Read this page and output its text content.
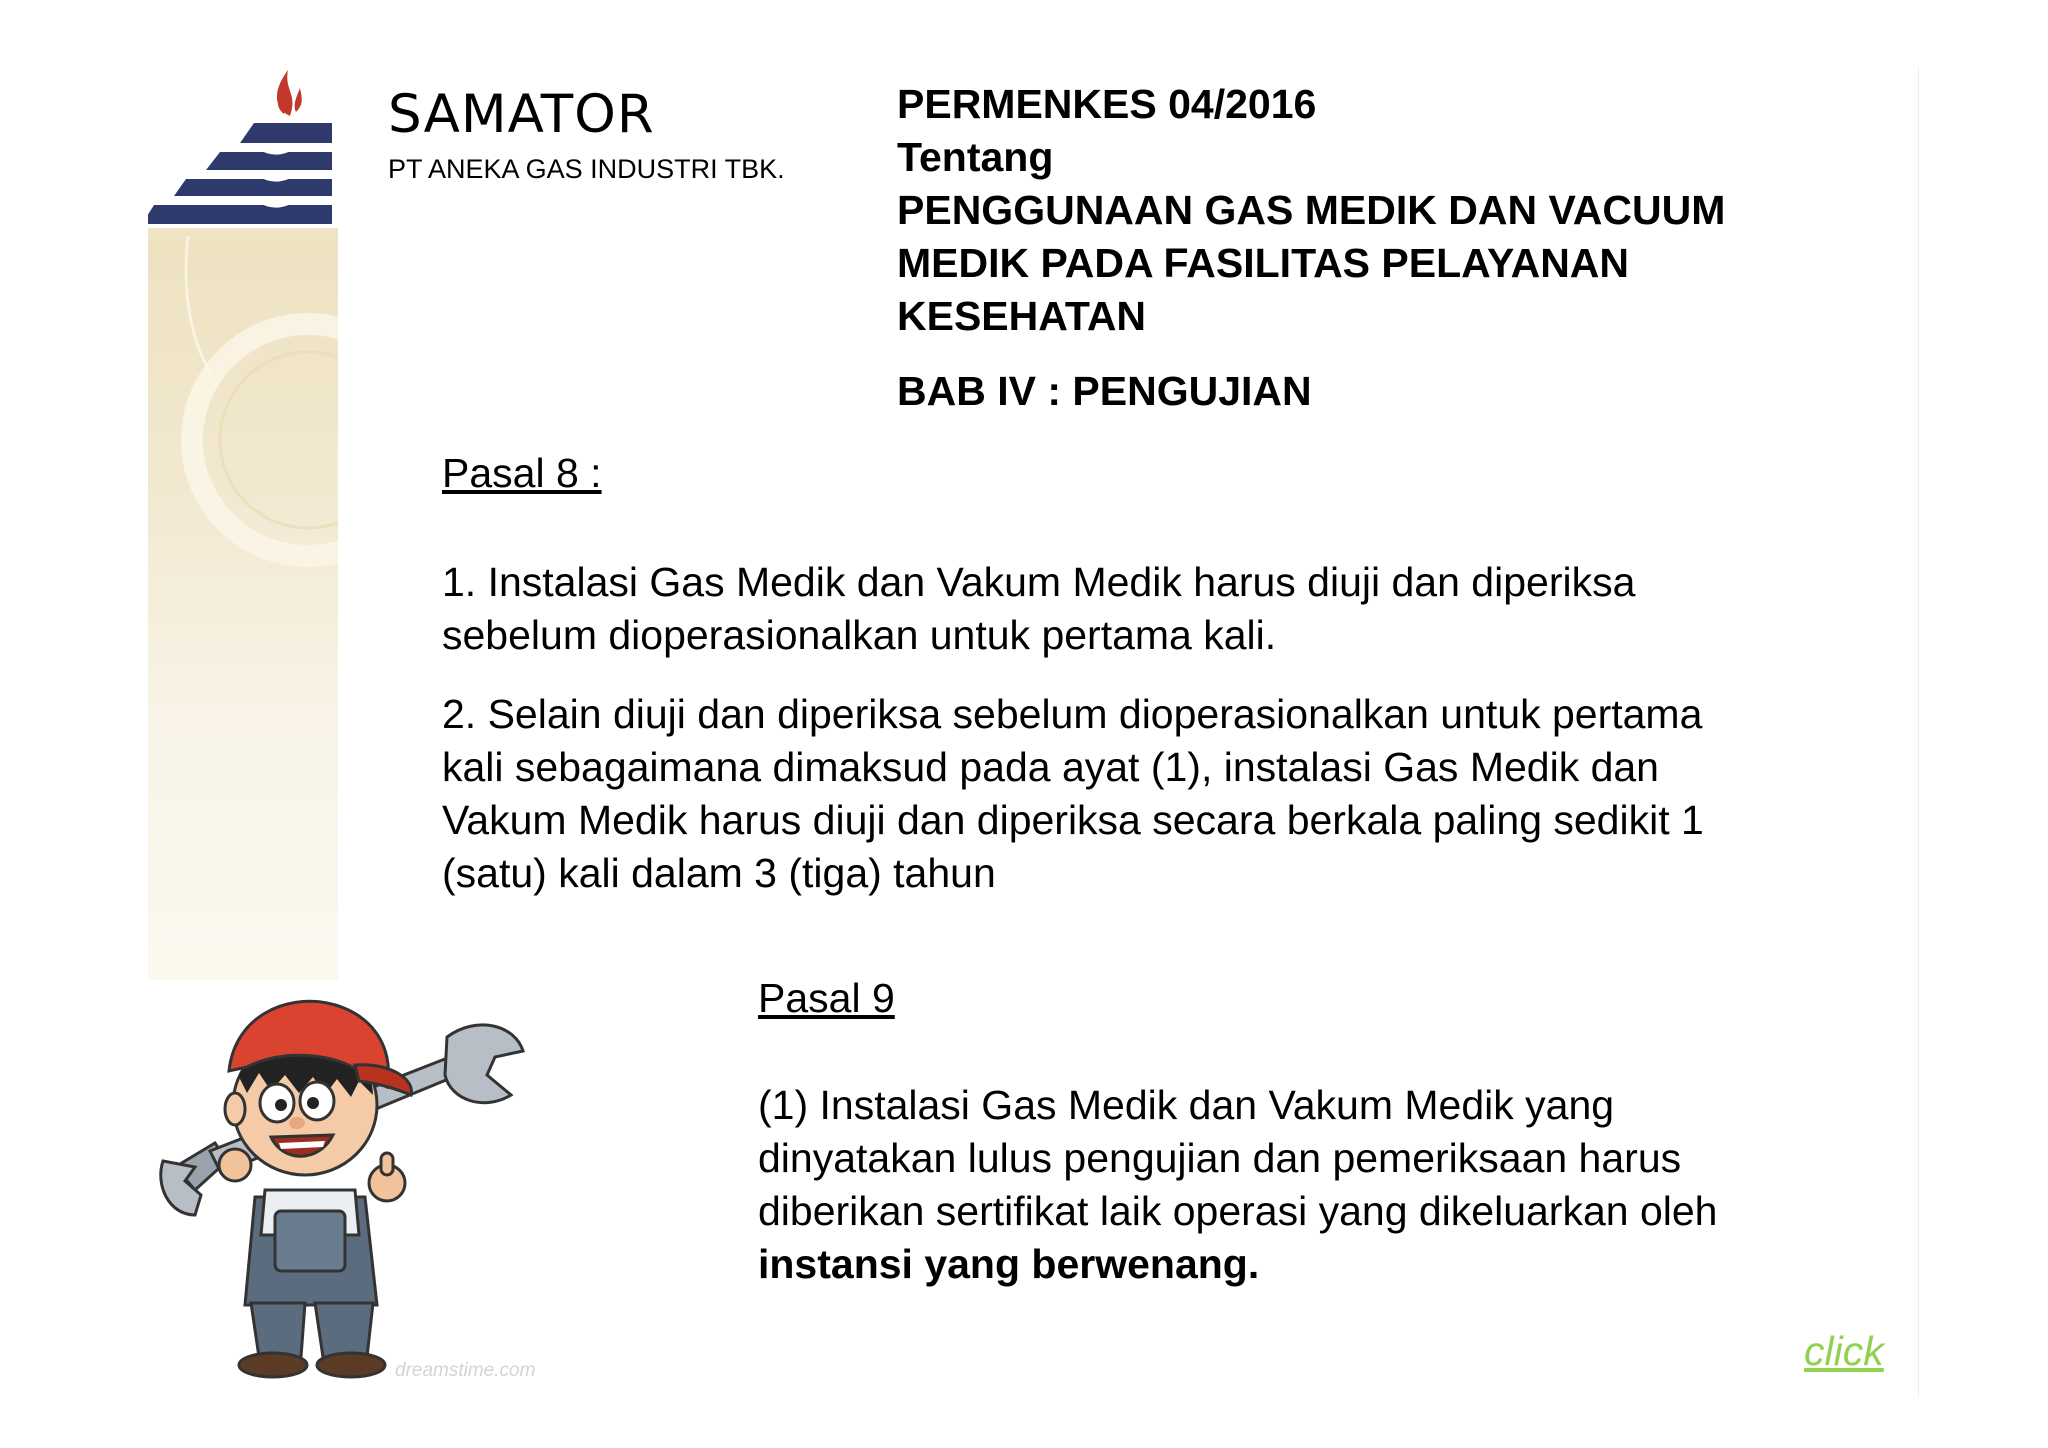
SAMATOR
PT ANEKA GAS INDUSTRI TBK.
PERMENKES 04/2016
Tentang
PENGGUNAAN GAS MEDIK DAN VACUUM
MEDIK PADA FASILITAS PELAYANAN
KESEHATAN
BAB IV : PENGUJIAN
Pasal 8 :
1. Instalasi Gas Medik dan Vakum Medik harus diuji dan diperiksa
sebelum dioperasionalkan untuk pertama kali.
2. Selain diuji dan diperiksa sebelum dioperasionalkan untuk pertama
kali sebagaimana dimaksud pada ayat (1), instalasi Gas Medik dan
Vakum Medik harus diuji dan diperiksa secara berkala paling sedikit 1
(satu) kali dalam 3 (tiga) tahun
Pasal 9
(1) Instalasi Gas Medik dan Vakum Medik yang
dinyatakan lulus pengujian dan pemeriksaan harus
diberikan sertifikat laik operasi yang dikeluarkan oleh
instansi yang berwenang.
dreamstime.com	click
